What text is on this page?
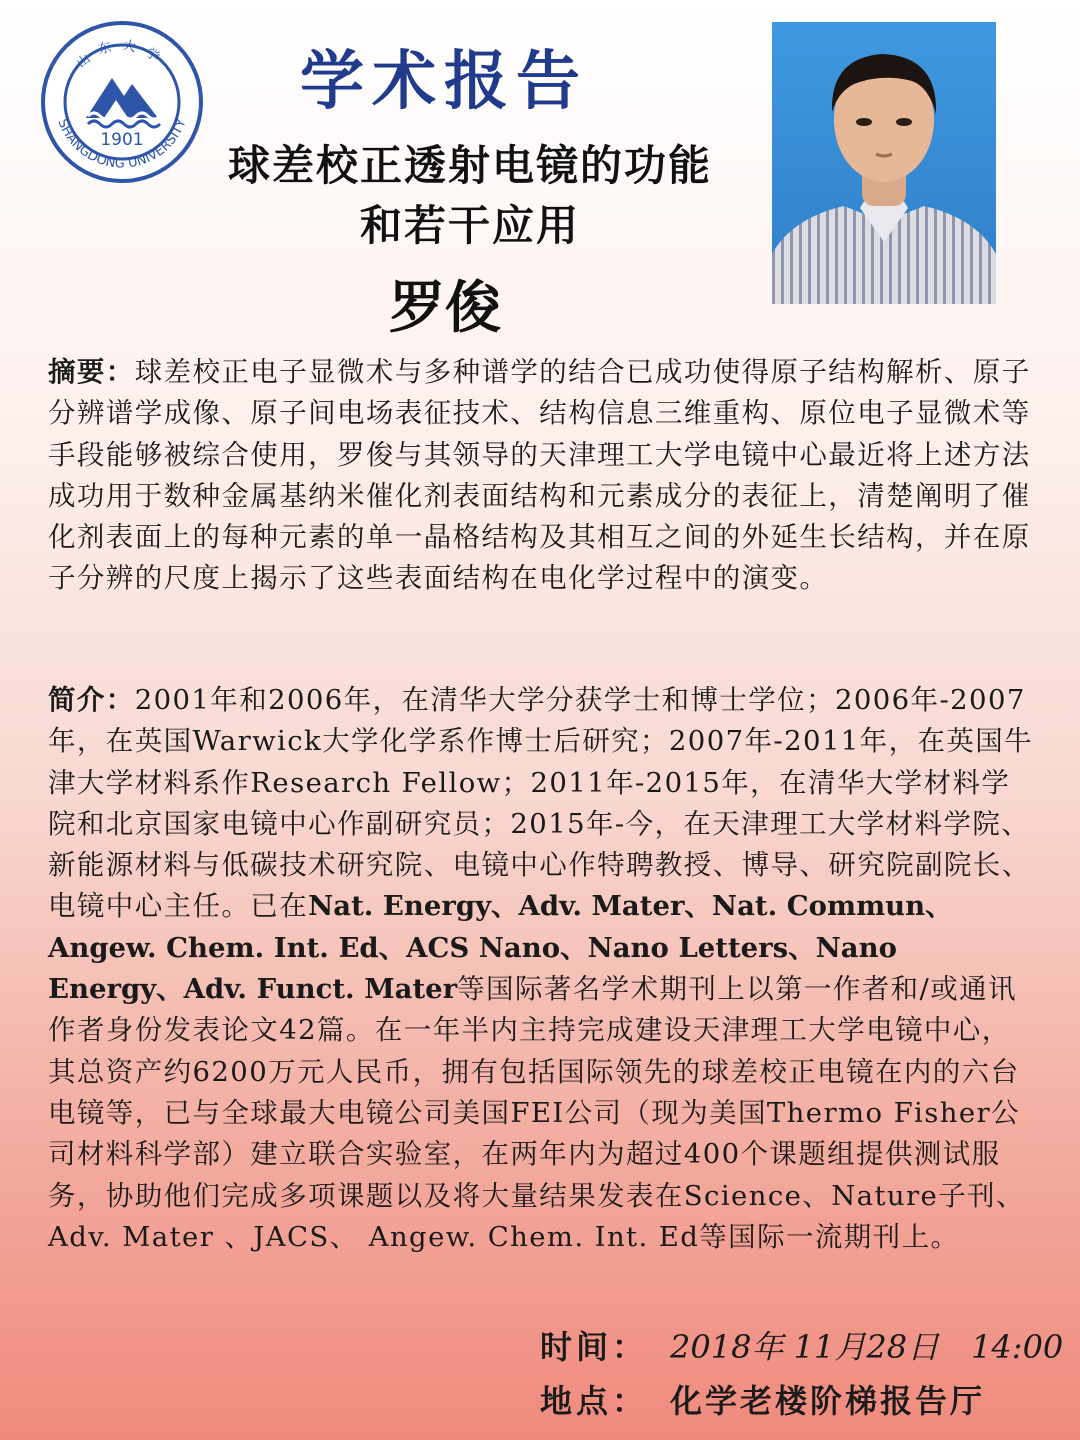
山东大学
SHANGDONG UNIVERSITY
1901
学术报告
球差校正透射电镜的功能
和若干应用
罗俊

摘要：球差校正电子显微术与多种谱学的结合已成功使得原子结构解析、原子分辨谱学成像、原子间电场表征技术、结构信息三维重构、原位电子显微术等手段能够被综合使用，罗俊与其领导的天津理工大学电镜中心最近将上述方法成功用于数种金属基纳米催化剂表面结构和元素成分的表征上，清楚阐明了催化剂表面上的每种元素的单一晶格结构及其相互之间的外延生长结构，并在原子分辨的尺度上揭示了这些表面结构在电化学过程中的演变。

简介：2001年和2006年，在清华大学分获学士和博士学位；2006年-2007年，在英国Warwick大学化学系作博士后研究；2007年-2011年，在英国牛津大学材料系作Research Fellow；2011年-2015年，在清华大学材料学院和北京国家电镜中心作副研究员；2015年-今，在天津理工大学材料学院、新能源材料与低碳技术研究院、电镜中心作特聘教授、博导、研究院副院长、电镜中心主任。已在Nat. Energy、Adv. Mater、Nat. Commun、Angew. Chem. Int. Ed、ACS Nano、Nano Letters、Nano Energy、Adv. Funct. Mater等国际著名学术期刊上以第一作者和/或通讯作者身份发表论文42篇。在一年半内主持完成建设天津理工大学电镜中心，其总资产约6200万元人民币，拥有包括国际领先的球差校正电镜在内的六台电镜等，已与全球最大电镜公司美国FEI公司（现为美国Thermo Fisher公司材料科学部）建立联合实验室，在两年内为超过400个课题组提供测试服务，协助他们完成多项课题以及将大量结果发表在Science、Nature子刊、 Adv. Mater 、JACS、 Angew. Chem. Int. Ed等国际一流期刊上。

时间： 2018年 11月28日　14:00
地点： 化学老楼阶梯报告厅
